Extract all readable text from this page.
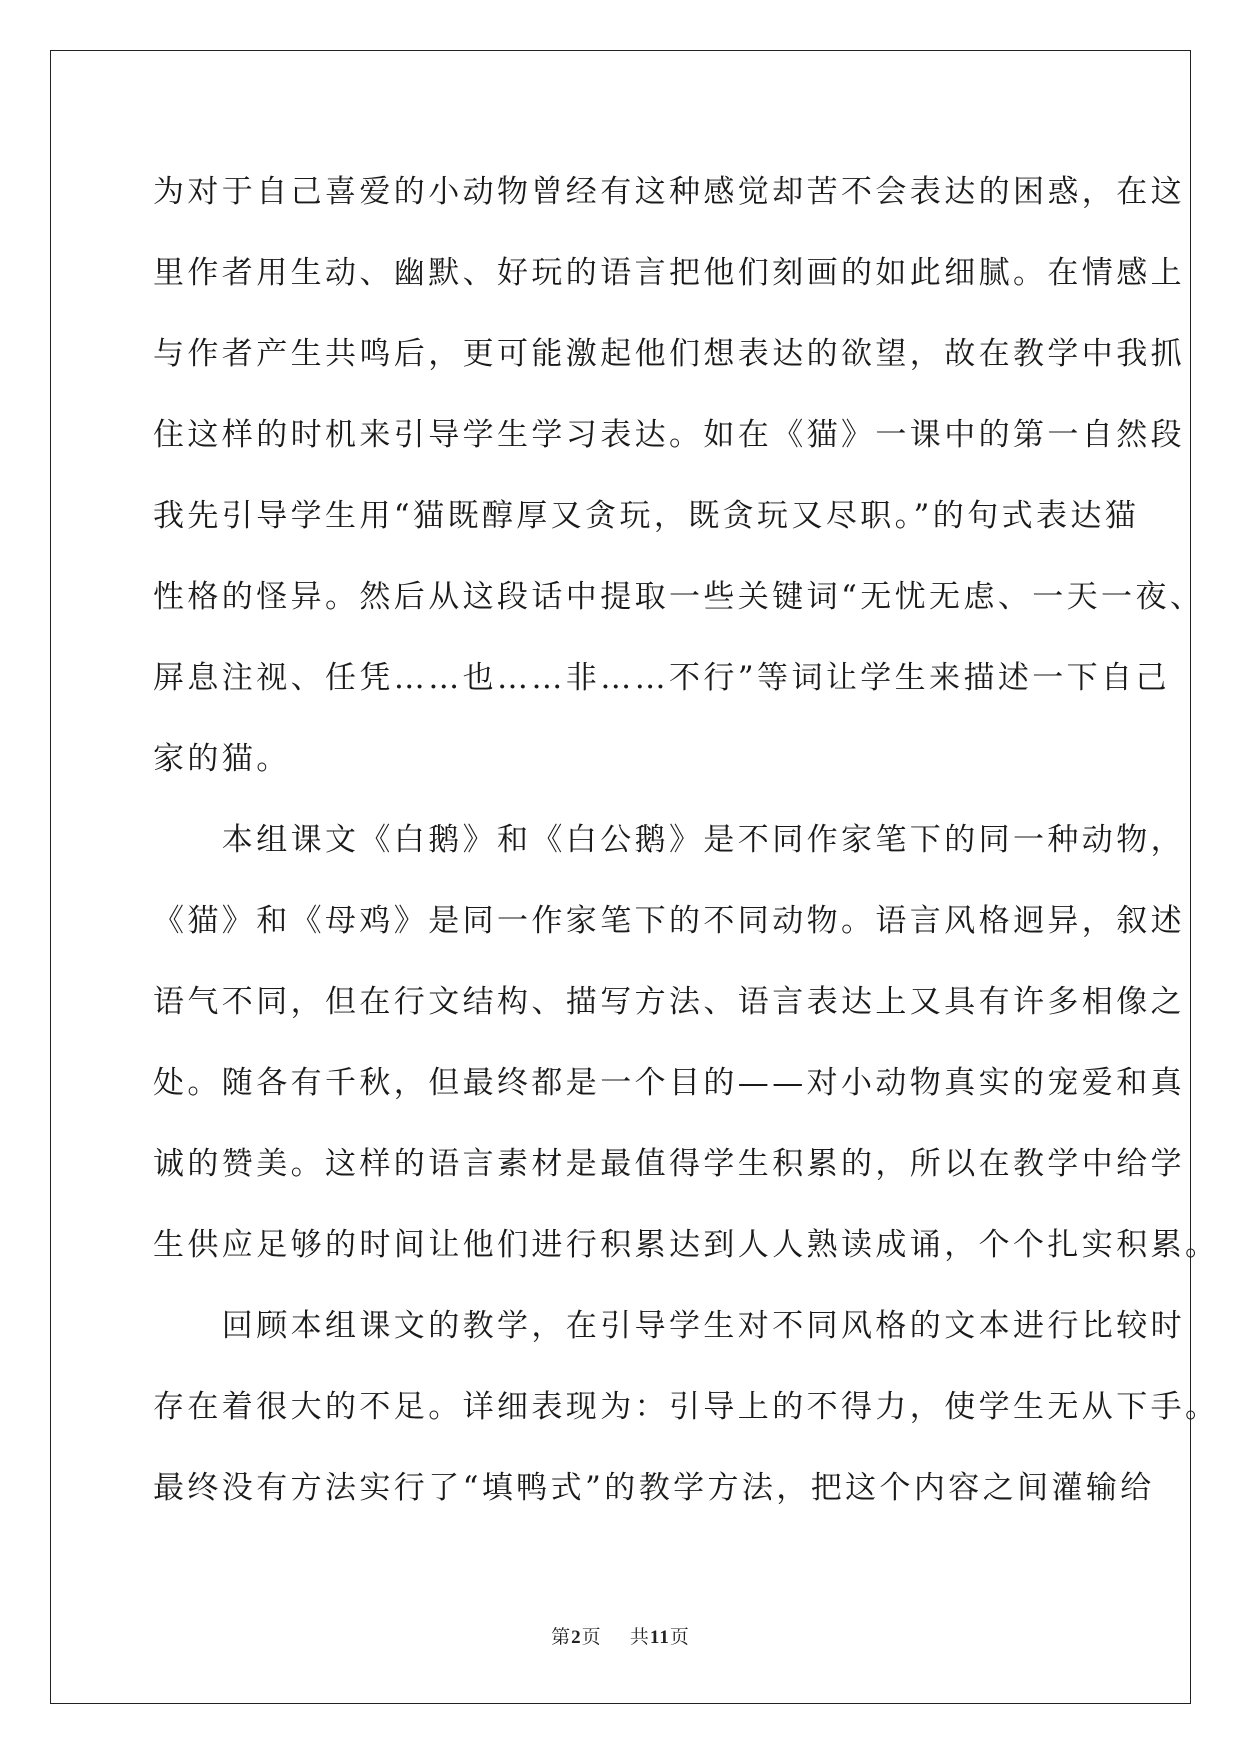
为对于自己喜爱的小动物曾经有这种感觉却苦不会表达的困惑，在这
里作者用生动、幽默、好玩的语言把他们刻画的如此细腻。在情感上
与作者产生共鸣后，更可能激起他们想表达的欲望，故在教学中我抓
住这样的时机来引导学生学习表达。如在《猫》一课中的第一自然段
我先引导学生用“猫既醇厚又贪玩，既贪玩又尽职。”的句式表达猫
性格的怪异。然后从这段话中提取一些关键词“无忧无虑、一天一夜、
屏息注视、任凭……也……非……不行”等词让学生来描述一下自己
家的猫。
　　本组课文《白鹅》和《白公鹅》是不同作家笔下的同一种动物，
《猫》和《母鸡》是同一作家笔下的不同动物。语言风格迥异，叙述
语气不同，但在行文结构、描写方法、语言表达上又具有许多相像之
处。随各有千秋，但最终都是一个目的——对小动物真实的宠爱和真
诚的赞美。这样的语言素材是最值得学生积累的，所以在教学中给学
生供应足够的时间让他们进行积累达到人人熟读成诵，个个扎实积累。
　　回顾本组课文的教学，在引导学生对不同风格的文本进行比较时
存在着很大的不足。详细表现为：引导上的不得力，使学生无从下手。
最终没有方法实行了“填鸭式”的教学方法，把这个内容之间灌输给
第2页 共11页
